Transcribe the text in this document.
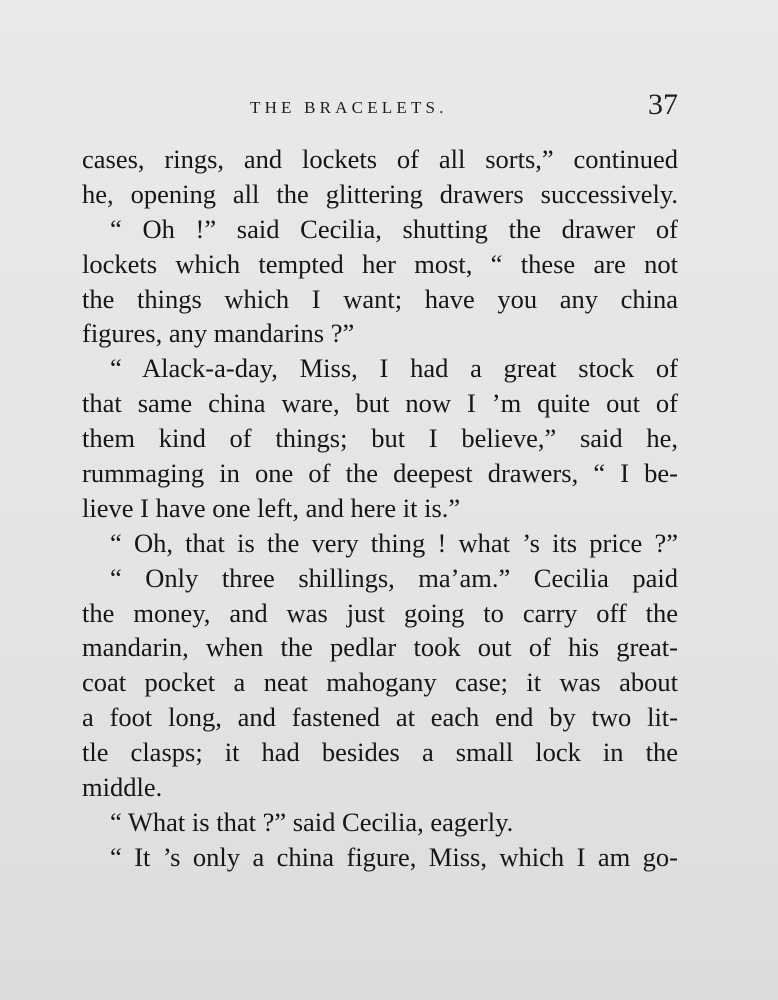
THE BRACELETS.	37
cases, rings, and lockets of all sorts,” continued
he, opening all the glittering drawers successively.
“ Oh !” said Cecilia, shutting the drawer of
lockets which tempted her most, “ these are not
the things which I want; have you any china
figures, any mandarins ?”
“ Alack-a-day, Miss, I had a great stock of
that same china ware, but now I ’m quite out of
them kind of things; but I believe,” said he,
rummaging in one of the deepest drawers, “ I be-
lieve I have one left, and here it is.”
“ Oh, that is the very thing ! what ’s its price ?”
“ Only three shillings, ma’am.” Cecilia paid
the money, and was just going to carry off the
mandarin, when the pedlar took out of his great-
coat pocket a neat mahogany case; it was about
a foot long, and fastened at each end by two lit-
tle clasps; it had besides a small lock in the
middle.
“ What is that ?” said Cecilia, eagerly.
“ It ’s only a china figure, Miss, which I am go-
